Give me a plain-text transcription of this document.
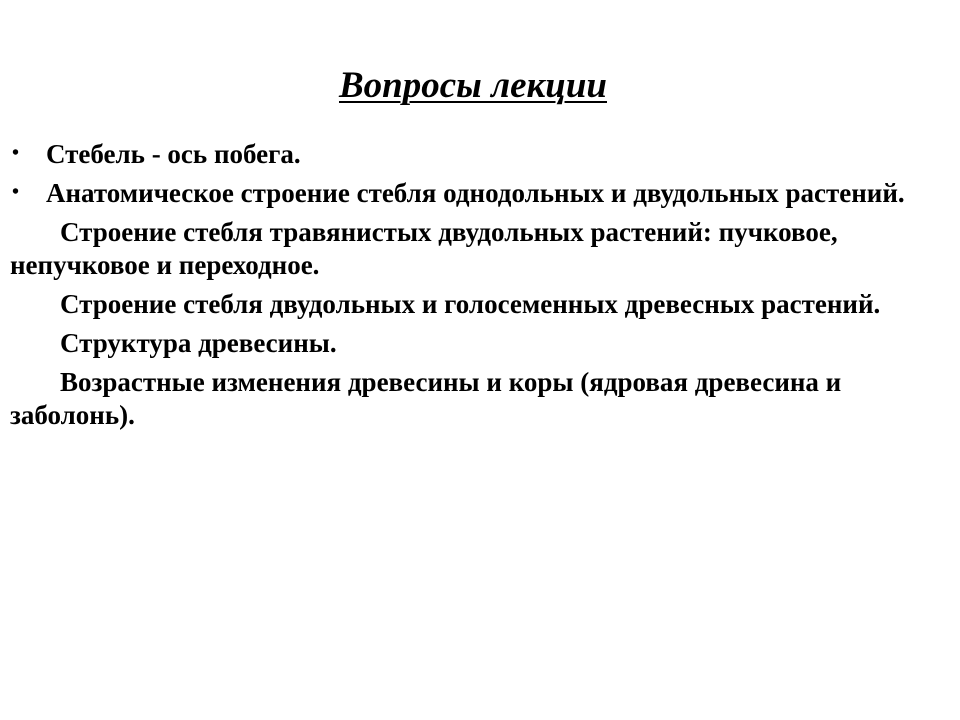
Вопросы лекции
• Стебель - ось побега.
• Анатомическое строение стебля однодольных и двудольных растений.
Строение стебля травянистых двудольных растений: пучковое, непучковое и переходное.
Строение стебля двудольных и голосеменных древесных растений.
Структура древесины.
Возрастные изменения древесины и коры (ядровая древесина и заболонь).
